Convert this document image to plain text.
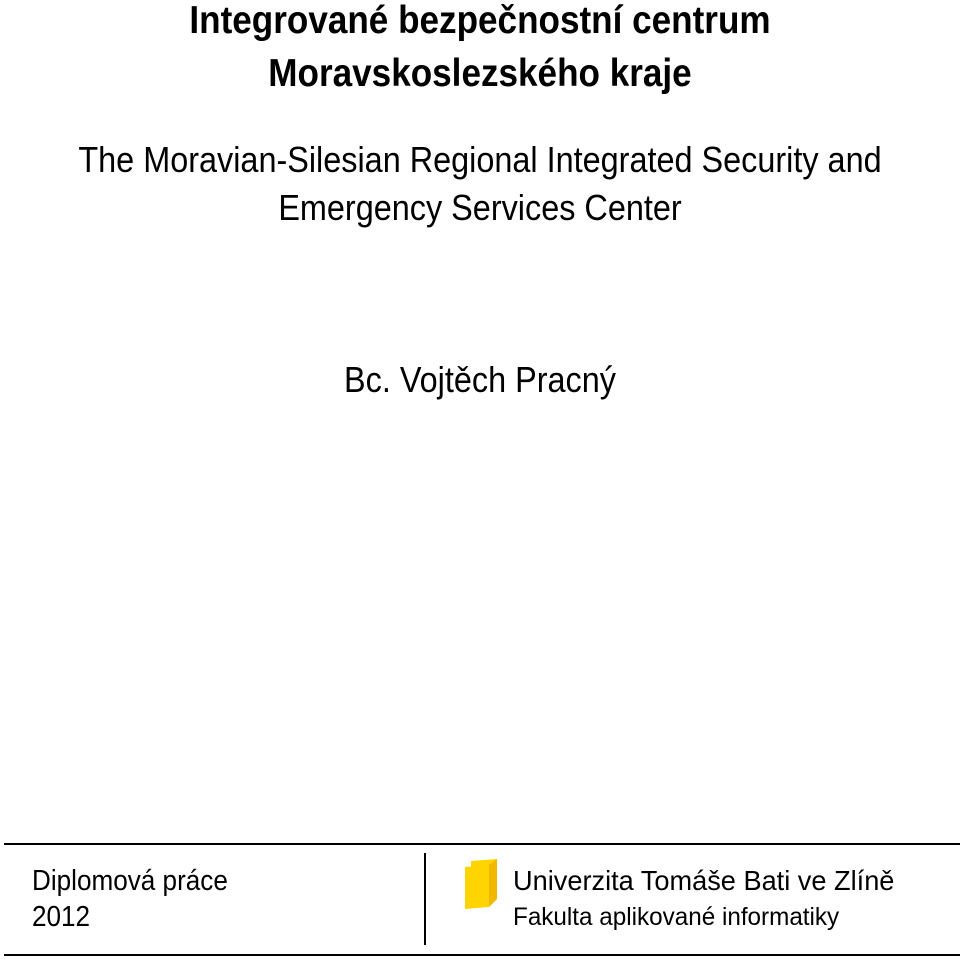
Integrované bezpečnostní centrum
Moravskoslezského kraje
The Moravian-Silesian Regional Integrated Security and
Emergency Services Center
Bc. Vojtěch Pracný
Diplomová práce
2012
Univerzita Tomáše Bati ve Zlíně
Fakulta aplikované informatiky
